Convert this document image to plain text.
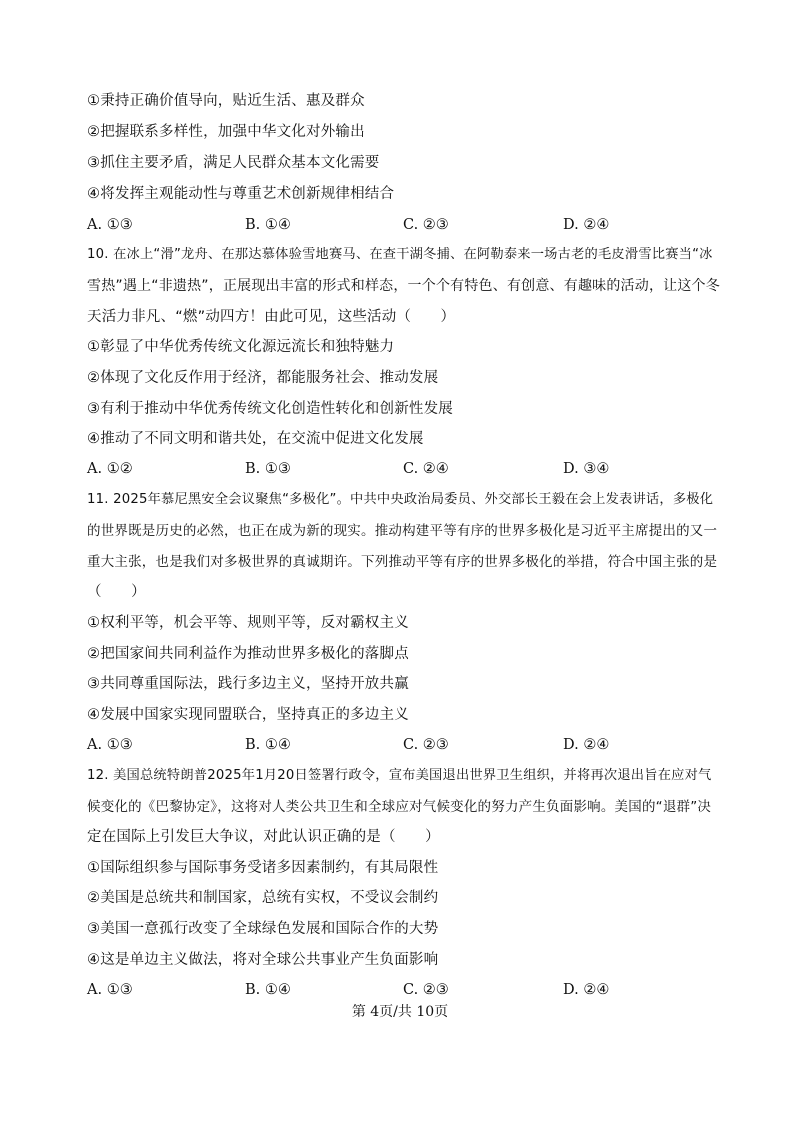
①秉持正确价值导向，贴近生活、惠及群众
②把握联系多样性，加强中华文化对外输出
③抓住主要矛盾，满足人民群众基本文化需要
④将发挥主观能动性与尊重艺术创新规律相结合
A. ①③	B. ①④	C. ②③	D. ②④
10. 在冰上“滑”龙舟、在那达慕体验雪地赛马、在查干湖冬捕、在阿勒泰来一场古老的毛皮滑雪比赛当“冰
雪热”遇上“非遗热”，正展现出丰富的形式和样态，一个个有特色、有创意、有趣味的活动，让这个冬
天活力非凡、“燃”动四方！由此可见，这些活动（　　）
①彰显了中华优秀传统文化源远流长和独特魅力
②体现了文化反作用于经济，都能服务社会、推动发展
③有利于推动中华优秀传统文化创造性转化和创新性发展
④推动了不同文明和谐共处，在交流中促进文化发展
A. ①②	B. ①③	C. ②④	D. ③④
11. 2025年慕尼黑安全会议聚焦“多极化”。中共中央政治局委员、外交部长王毅在会上发表讲话，多极化
的世界既是历史的必然，也正在成为新的现实。推动构建平等有序的世界多极化是习近平主席提出的又一
重大主张，也是我们对多极世界的真诚期许。下列推动平等有序的世界多极化的举措，符合中国主张的是
（　　）
①权利平等，机会平等、规则平等，反对霸权主义
②把国家间共同利益作为推动世界多极化的落脚点
③共同尊重国际法，践行多边主义，坚持开放共赢
④发展中国家实现同盟联合，坚持真正的多边主义
A. ①③	B. ①④	C. ②③	D. ②④
12. 美国总统特朗普2025年1月20日签署行政令，宣布美国退出世界卫生组织，并将再次退出旨在应对气
候变化的《巴黎协定》，这将对人类公共卫生和全球应对气候变化的努力产生负面影响。美国的“退群”决
定在国际上引发巨大争议，对此认识正确的是（　　）
①国际组织参与国际事务受诸多因素制约，有其局限性
②美国是总统共和制国家，总统有实权，不受议会制约
③美国一意孤行改变了全球绿色发展和国际合作的大势
④这是单边主义做法，将对全球公共事业产生负面影响
A. ①③	B. ①④	C. ②③	D. ②④
第 4页/共 10页
